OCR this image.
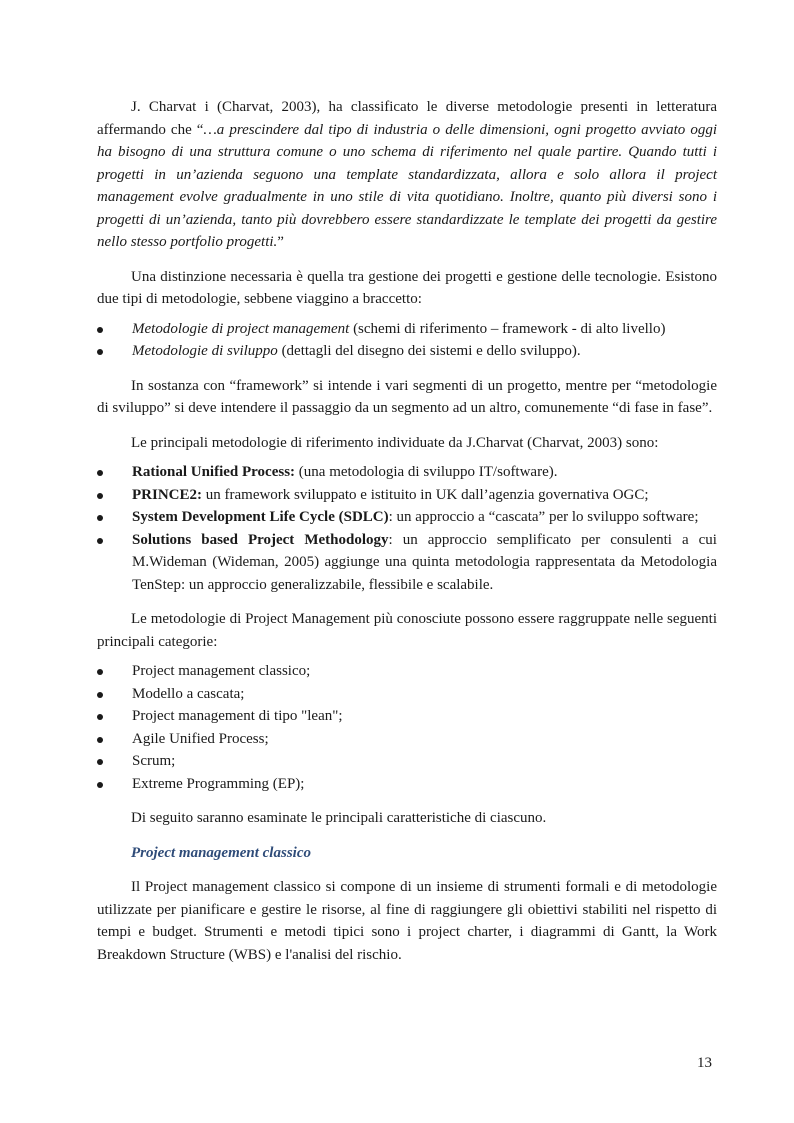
J. Charvat i (Charvat, 2003), ha classificato le diverse metodologie presenti in letteratura affermando che “…a prescindere dal tipo di industria o delle dimensioni, ogni progetto avviato oggi ha bisogno di una struttura comune o uno schema di riferimento nel quale partire. Quando tutti i progetti in un’azienda seguono una template standardizzata, allora e solo allora il project management evolve gradualmente in uno stile di vita quotidiano. Inoltre, quanto più diversi sono i progetti di un’azienda, tanto più dovrebbero essere standardizzate le template dei progetti da gestire nello stesso portfolio progetti.”

Una distinzione necessaria è quella tra gestione dei progetti e gestione delle tecnologie. Esistono due tipi di metodologie, sebbene viaggino a braccetto:

Metodologie di project management (schemi di riferimento – framework - di alto livello)
Metodologie di sviluppo (dettagli del disegno dei sistemi e dello sviluppo).

In sostanza con “framework” si intende i vari segmenti di un progetto, mentre per “metodologie di sviluppo” si deve intendere il passaggio da un segmento ad un altro, comunemente “di fase in fase”.

Le principali metodologie di riferimento individuate da J.Charvat (Charvat, 2003) sono:

Rational Unified Process: (una metodologia di sviluppo IT/software).
PRINCE2: un framework sviluppato e istituito in UK dall’agenzia governativa OGC;
System Development Life Cycle (SDLC): un approccio a “cascata” per lo sviluppo software;
Solutions based Project Methodology: un approccio semplificato per consulenti a cui M.Wideman (Wideman, 2005) aggiunge una quinta metodologia rappresentata da Metodologia TenStep: un approccio generalizzabile, flessibile e scalabile.

Le metodologie di Project Management più conosciute possono essere raggruppate nelle seguenti principali categorie:

Project management classico;
Modello a cascata;
Project management di tipo "lean";
Agile Unified Process;
Scrum;
Extreme Programming (EP);

Di seguito saranno esaminate le principali caratteristiche di ciascuno.

Project management classico

Il Project management classico si compone di un insieme di strumenti formali e di metodologie utilizzate per pianificare e gestire le risorse, al fine di raggiungere gli obiettivi stabiliti nel rispetto di tempi e budget. Strumenti e metodi tipici sono i project charter, i diagrammi di Gantt, la Work Breakdown Structure (WBS) e l'analisi del rischio.

13
